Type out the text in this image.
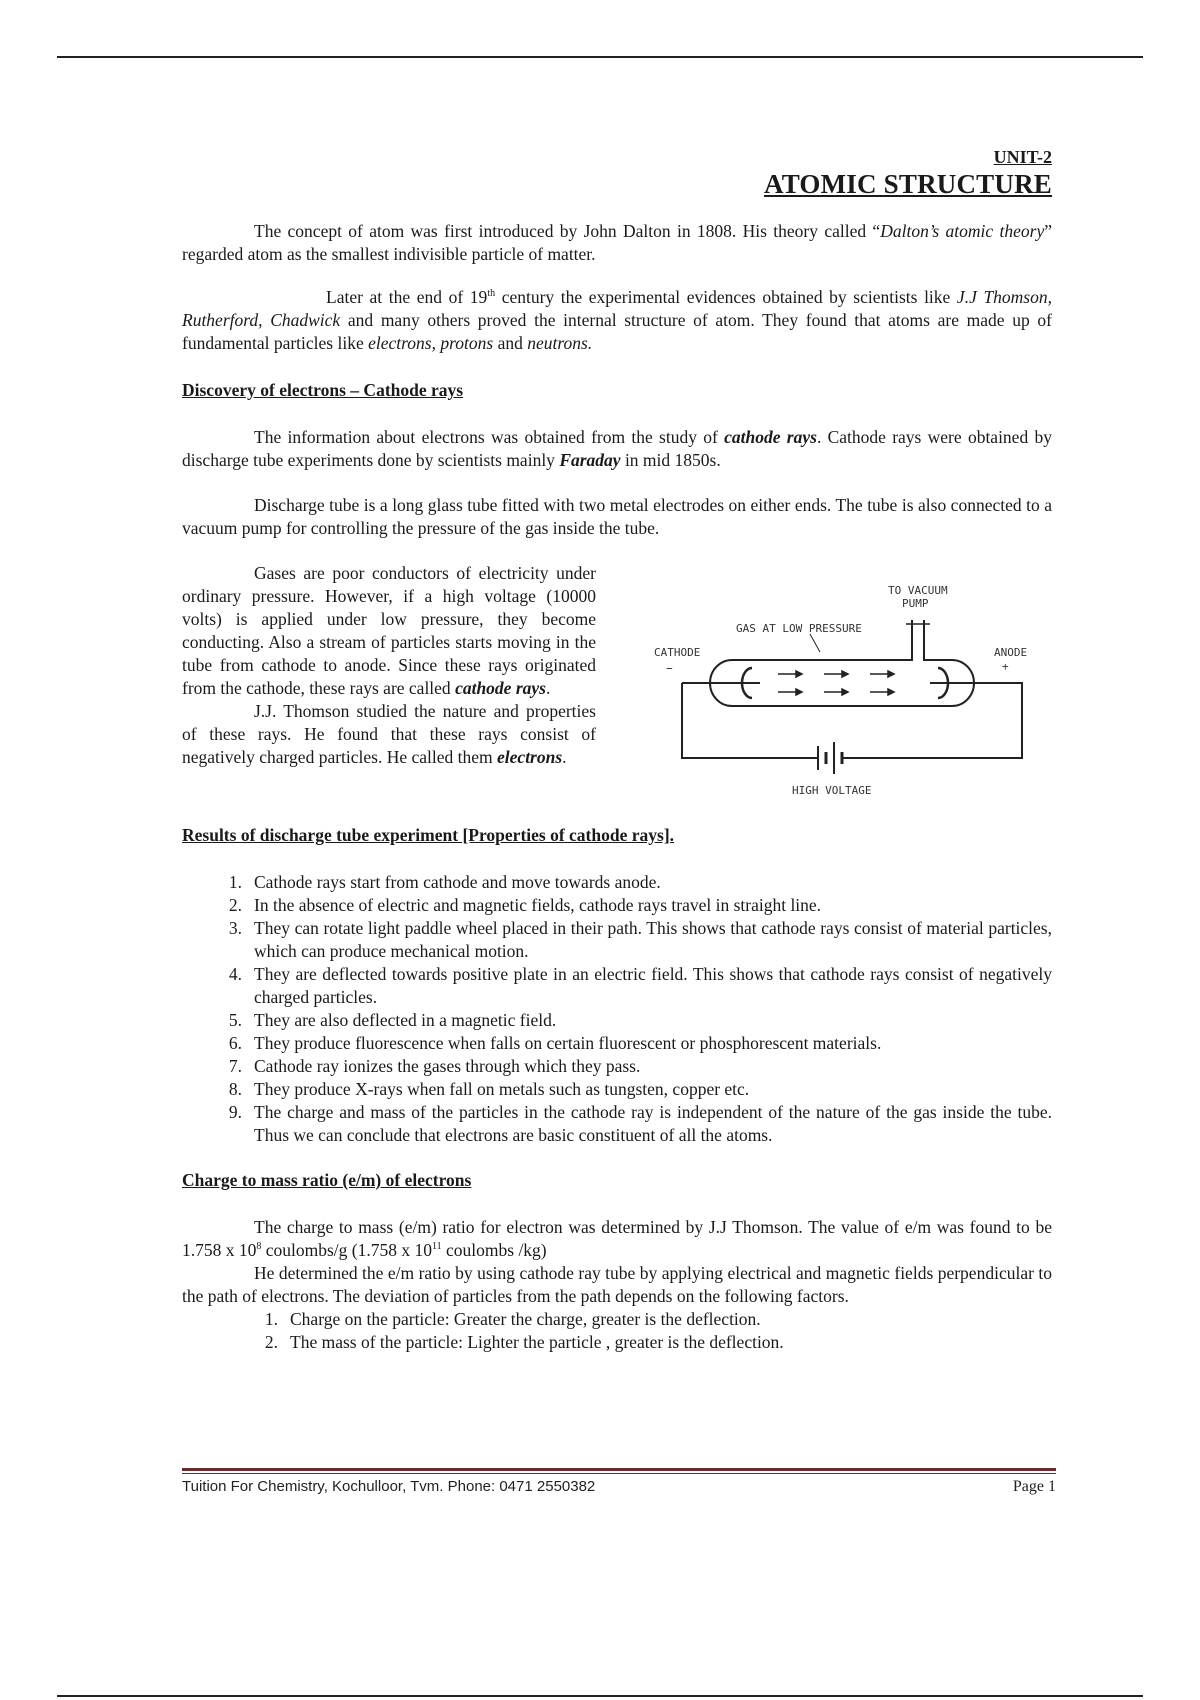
UNIT-2
ATOMIC STRUCTURE

The concept of atom was first introduced by John Dalton in 1808. His theory called “Dalton’s atomic theory” regarded atom as the smallest indivisible particle of matter.

Later at the end of 19th century the experimental evidences obtained by scientists like J.J Thomson, Rutherford, Chadwick and many others proved the internal structure of atom. They found that atoms are made up of fundamental particles like electrons, protons and neutrons.

Discovery of electrons – Cathode rays

The information about electrons was obtained from the study of cathode rays. Cathode rays were obtained by discharge tube experiments done by scientists mainly Faraday in mid 1850s.

Discharge tube is a long glass tube fitted with two metal electrodes on either ends. The tube is also connected to a vacuum pump for controlling the pressure of the gas inside the tube.

Gases are poor conductors of electricity under ordinary pressure. However, if a high voltage (10000 volts) is applied under low pressure, they become conducting. Also a stream of particles starts moving in the tube from cathode to anode. Since these rays originated from the cathode, these rays are called cathode rays.

J.J. Thomson studied the nature and properties of these rays. He found that these rays consist of negatively charged particles. He called them electrons.

TO VACUUM
PUMP
GAS AT LOW PRESSURE
CATHODE
−
ANODE
+
HIGH VOLTAGE
Results of discharge tube experiment [Properties of cathode rays].
1. Cathode rays start from cathode and move towards anode.
2. In the absence of electric and magnetic fields, cathode rays travel in straight line.
3. They can rotate light paddle wheel placed in their path. This shows that cathode rays consist of material particles, which can produce mechanical motion.
4. They are deflected towards positive plate in an electric field. This shows that cathode rays consist of negatively charged particles.
5. They are also deflected in a magnetic field.
6. They produce fluorescence when falls on certain fluorescent or phosphorescent materials.
7. Cathode ray ionizes the gases through which they pass.
8. They produce X-rays when fall on metals such as tungsten, copper etc.
9. The charge and mass of the particles in the cathode ray is independent of the nature of the gas inside the tube. Thus we can conclude that electrons are basic constituent of all the atoms.
Charge to mass ratio (e/m) of electrons

The charge to mass (e/m) ratio for electron was determined by J.J Thomson. The value of e/m was found to be 1.758 x $10^8$ coulombs/g (1.758 x $10^{11}$ coulombs /kg)

He determined the e/m ratio by using cathode ray tube by applying electrical and magnetic fields perpendicular to the path of electrons. The deviation of particles from the path depends on the following factors.

1. Charge on the particle: Greater the charge, greater is the deflection.
2. The mass of the particle: Lighter the particle , greater is the deflection.
Tuition For Chemistry, Kochulloor, Tvm. Phone: 0471 2550382	Page 1
